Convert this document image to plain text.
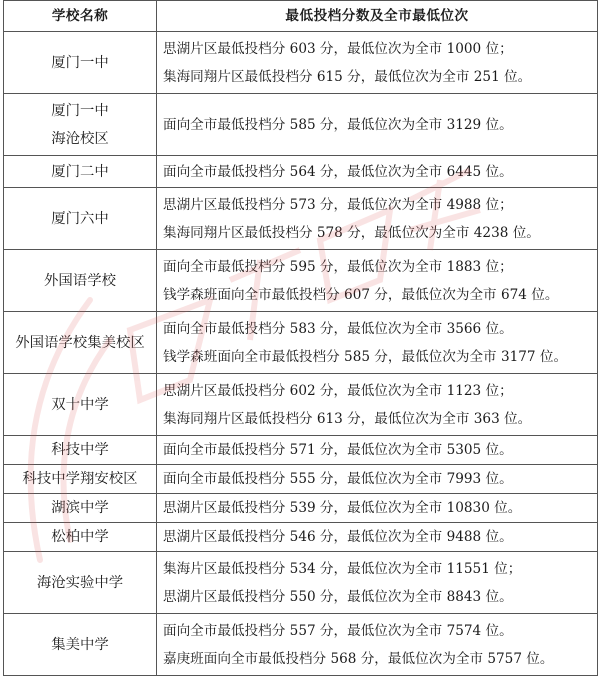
学校名称	最低投档分数及全市最低位次

厦门一中	思湖片区最低投档分 603 分，最低位次为全市 1000 位；
集海同翔片区最低投档分 615 分，最低位次为全市 251 位。

厦门一中
海沧校区	面向全市最低投档分 585 分，最低位次为全市 3129 位。

厦门二中	面向全市最低投档分 564 分，最低位次为全市 6445 位。

厦门六中	思湖片区最低投档分 573 分，最低位次为全市 4988 位；
集海同翔片区最低投档分 578 分，最低位次为全市 4238 位。

外国语学校	面向全市最低投档分 595 分，最低位次为全市 1883 位；
钱学森班面向全市最低投档分 607 分，最低位次为全市 674 位。

外国语学校集美校区	面向全市最低投档分 583 分，最低位次为全市 3566 位。
钱学森班面向全市最低投档分 585 分，最低位次为全市 3177 位。

双十中学	思湖片区最低投档分 602 分，最低位次为全市 1123 位；
集海同翔片区最低投档分 613 分，最低位次为全市 363 位。

科技中学	面向全市最低投档分 571 分，最低位次为全市 5305 位。

科技中学翔安校区	面向全市最低投档分 555 分，最低位次为全市 7993 位。

湖滨中学	思湖片区最低投档分 539 分，最低位次为全市 10830 位。

松柏中学	思湖片区最低投档分 546 分，最低位次为全市 9488 位。

海沧实验中学	集海片区最低投档分 534 分，最低位次为全市 11551 位；
思湖片区最低投档分 550 分，最低位次为全市 8843 位。

集美中学	面向全市最低投档分 557 分，最低位次为全市 7574 位。
嘉庚班面向全市最低投档分 568 分，最低位次为全市 5757 位。
